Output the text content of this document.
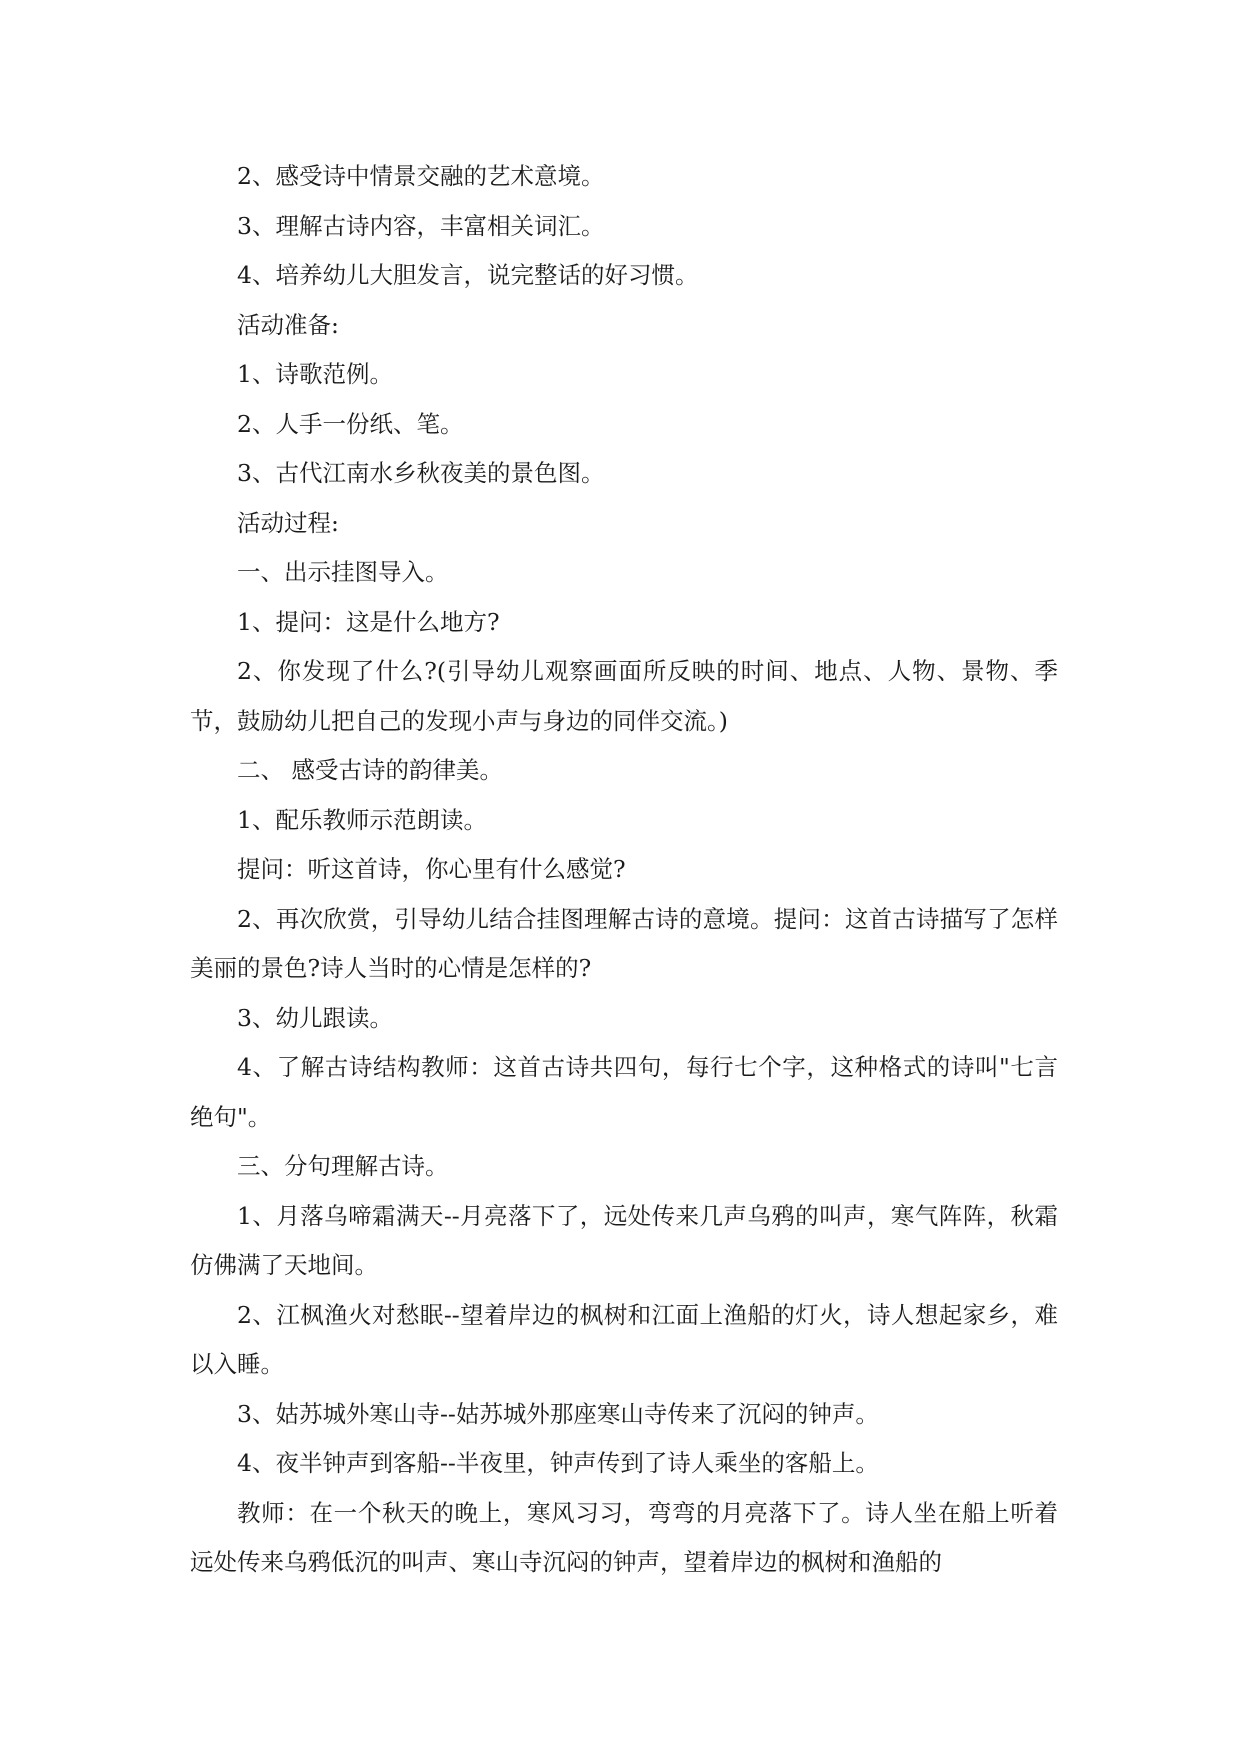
2、感受诗中情景交融的艺术意境。

3、理解古诗内容，丰富相关词汇。

4、培养幼儿大胆发言，说完整话的好习惯。

活动准备:

1、诗歌范例。

2、人手一份纸、笔。

3、古代江南水乡秋夜美的景色图。

活动过程:

一、出示挂图导入。

1、提问：这是什么地方?

2、你发现了什么?(引导幼儿观察画面所反映的时间、地点、人物、景物、季节，鼓励幼儿把自己的发现小声与身边的同伴交流。)

二、 感受古诗的韵律美。

1、配乐教师示范朗读。

提问：听这首诗，你心里有什么感觉?

2、再次欣赏，引导幼儿结合挂图理解古诗的意境。提问：这首古诗描写了怎样美丽的景色?诗人当时的心情是怎样的?

3、幼儿跟读。

4、了解古诗结构教师：这首古诗共四句，每行七个字，这种格式的诗叫"七言绝句"。

三、分句理解古诗。

1、月落乌啼霜满天--月亮落下了，远处传来几声乌鸦的叫声，寒气阵阵，秋霜仿佛满了天地间。

2、江枫渔火对愁眠--望着岸边的枫树和江面上渔船的灯火，诗人想起家乡，难以入睡。

3、姑苏城外寒山寺--姑苏城外那座寒山寺传来了沉闷的钟声。

4、夜半钟声到客船--半夜里，钟声传到了诗人乘坐的客船上。

教师：在一个秋天的晚上，寒风习习，弯弯的月亮落下了。诗人坐在船上听着远处传来乌鸦低沉的叫声、寒山寺沉闷的钟声，望着岸边的枫树和渔船的
